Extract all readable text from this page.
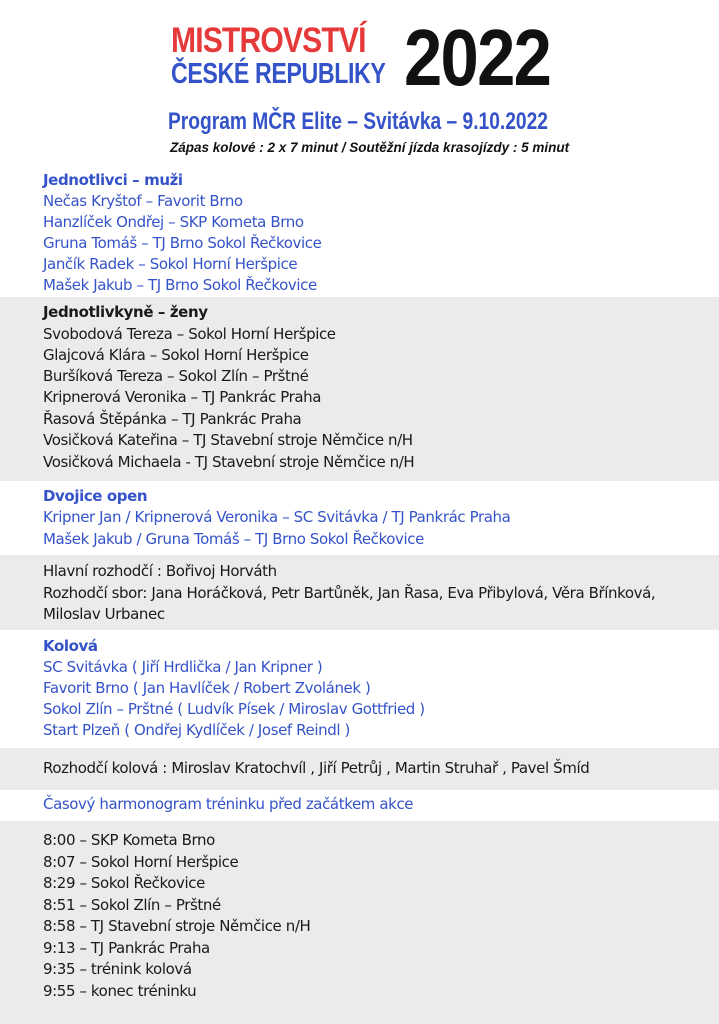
MISTROVSTVÍ
ČESKÉ REPUBLIKY 2022
Program MČR Elite – Svitávka – 9.10.2022
Zápas kolové : 2 x 7 minut / Soutěžní jízda krasojízdy : 5 minut
Jednotlivci – muži
Nečas Kryštof – Favorit Brno
Hanzlíček Ondřej – SKP Kometa Brno
Gruna Tomáš – TJ Brno Sokol Řečkovice
Jančík Radek – Sokol Horní Heršpice
Mašek Jakub – TJ Brno Sokol Řečkovice
Jednotlivkyně – ženy
Svobodová Tereza – Sokol Horní Heršpice
Glajcová Klára – Sokol Horní Heršpice
Buršíková Tereza – Sokol Zlín – Prštné
Kripnerová Veronika – TJ Pankrác Praha
Řasová Štěpánka – TJ Pankrác Praha
Vosičková Kateřina – TJ Stavební stroje Němčice n/H
Vosičková Michaela - TJ Stavební stroje Němčice n/H
Dvojice open
Kripner Jan / Kripnerová Veronika – SC Svitávka / TJ Pankrác Praha
Mašek Jakub / Gruna Tomáš – TJ Brno Sokol Řečkovice
Hlavní rozhodčí : Bořivoj Horváth
Rozhodčí sbor: Jana Horáčková, Petr Bartůněk, Jan Řasa, Eva Přibylová, Věra Břínková,
Miloslav Urbanec
Kolová
SC Svitávka ( Jiří Hrdlička / Jan Kripner )
Favorit Brno ( Jan Havlíček / Robert Zvolánek )
Sokol Zlín – Prštné ( Ludvík Písek / Miroslav Gottfried )
Start Plzeň ( Ondřej Kydlíček / Josef Reindl )
Rozhodčí kolová : Miroslav Kratochvíl , Jiří Petrůj , Martin Struhař , Pavel Šmíd
Časový harmonogram tréninku před začátkem akce
8:00 – SKP Kometa Brno
8:07 – Sokol Horní Heršpice
8:29 – Sokol Řečkovice
8:51 – Sokol Zlín – Prštné
8:58 – TJ Stavební stroje Němčice n/H
9:13 – TJ Pankrác Praha
9:35 – trénink kolová
9:55 – konec tréninku
